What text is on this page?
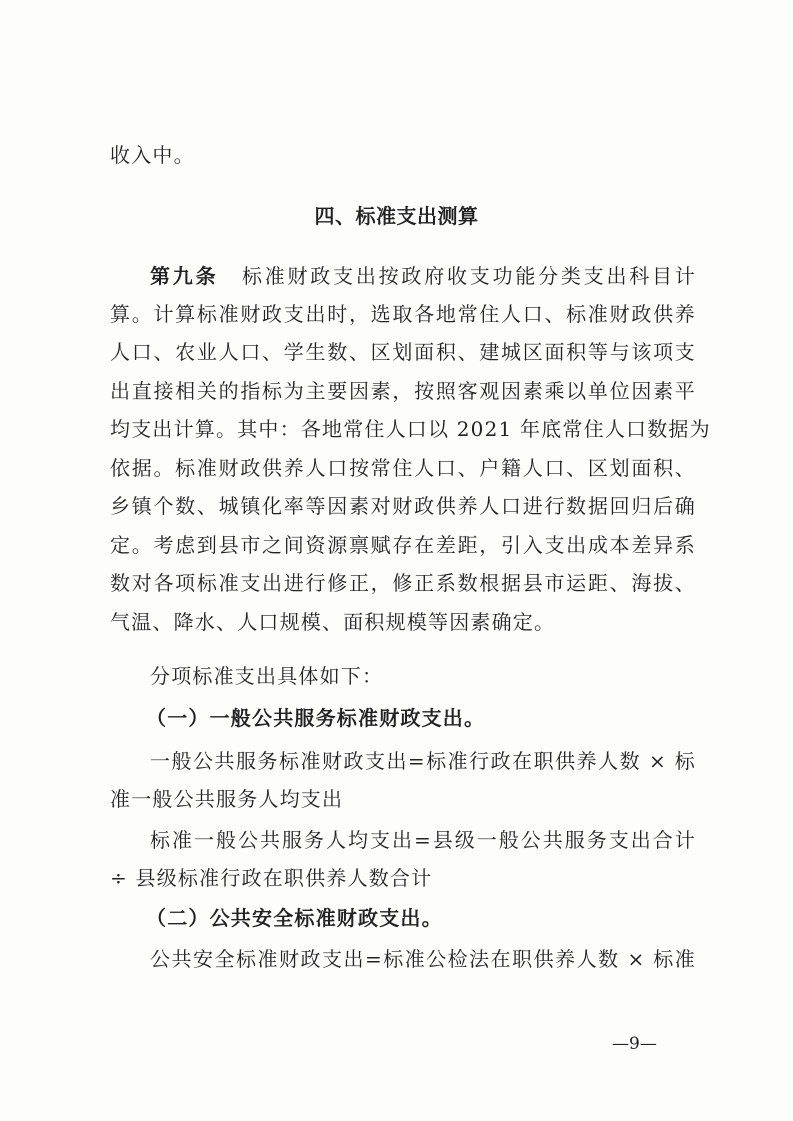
收入中。
四、标准支出测算
第九条 标准财政支出按政府收支功能分类支出科目计
算。计算标准财政支出时，选取各地常住人口、标准财政供养
人口、农业人口、学生数、区划面积、建城区面积等与该项支
出直接相关的指标为主要因素，按照客观因素乘以单位因素平
均支出计算。其中：各地常住人口以 2021 年底常住人口数据为
依据。标准财政供养人口按常住人口、户籍人口、区划面积、
乡镇个数、城镇化率等因素对财政供养人口进行数据回归后确
定。考虑到县市之间资源禀赋存在差距，引入支出成本差异系
数对各项标准支出进行修正，修正系数根据县市运距、海拔、
气温、降水、人口规模、面积规模等因素确定。
分项标准支出具体如下：
（一）一般公共服务标准财政支出。
一般公共服务标准财政支出=标准行政在职供养人数 × 标
准一般公共服务人均支出
标准一般公共服务人均支出=县级一般公共服务支出合计
÷ 县级标准行政在职供养人数合计
（二）公共安全标准财政支出。
公共安全标准财政支出=标准公检法在职供养人数 × 标准
—9—
